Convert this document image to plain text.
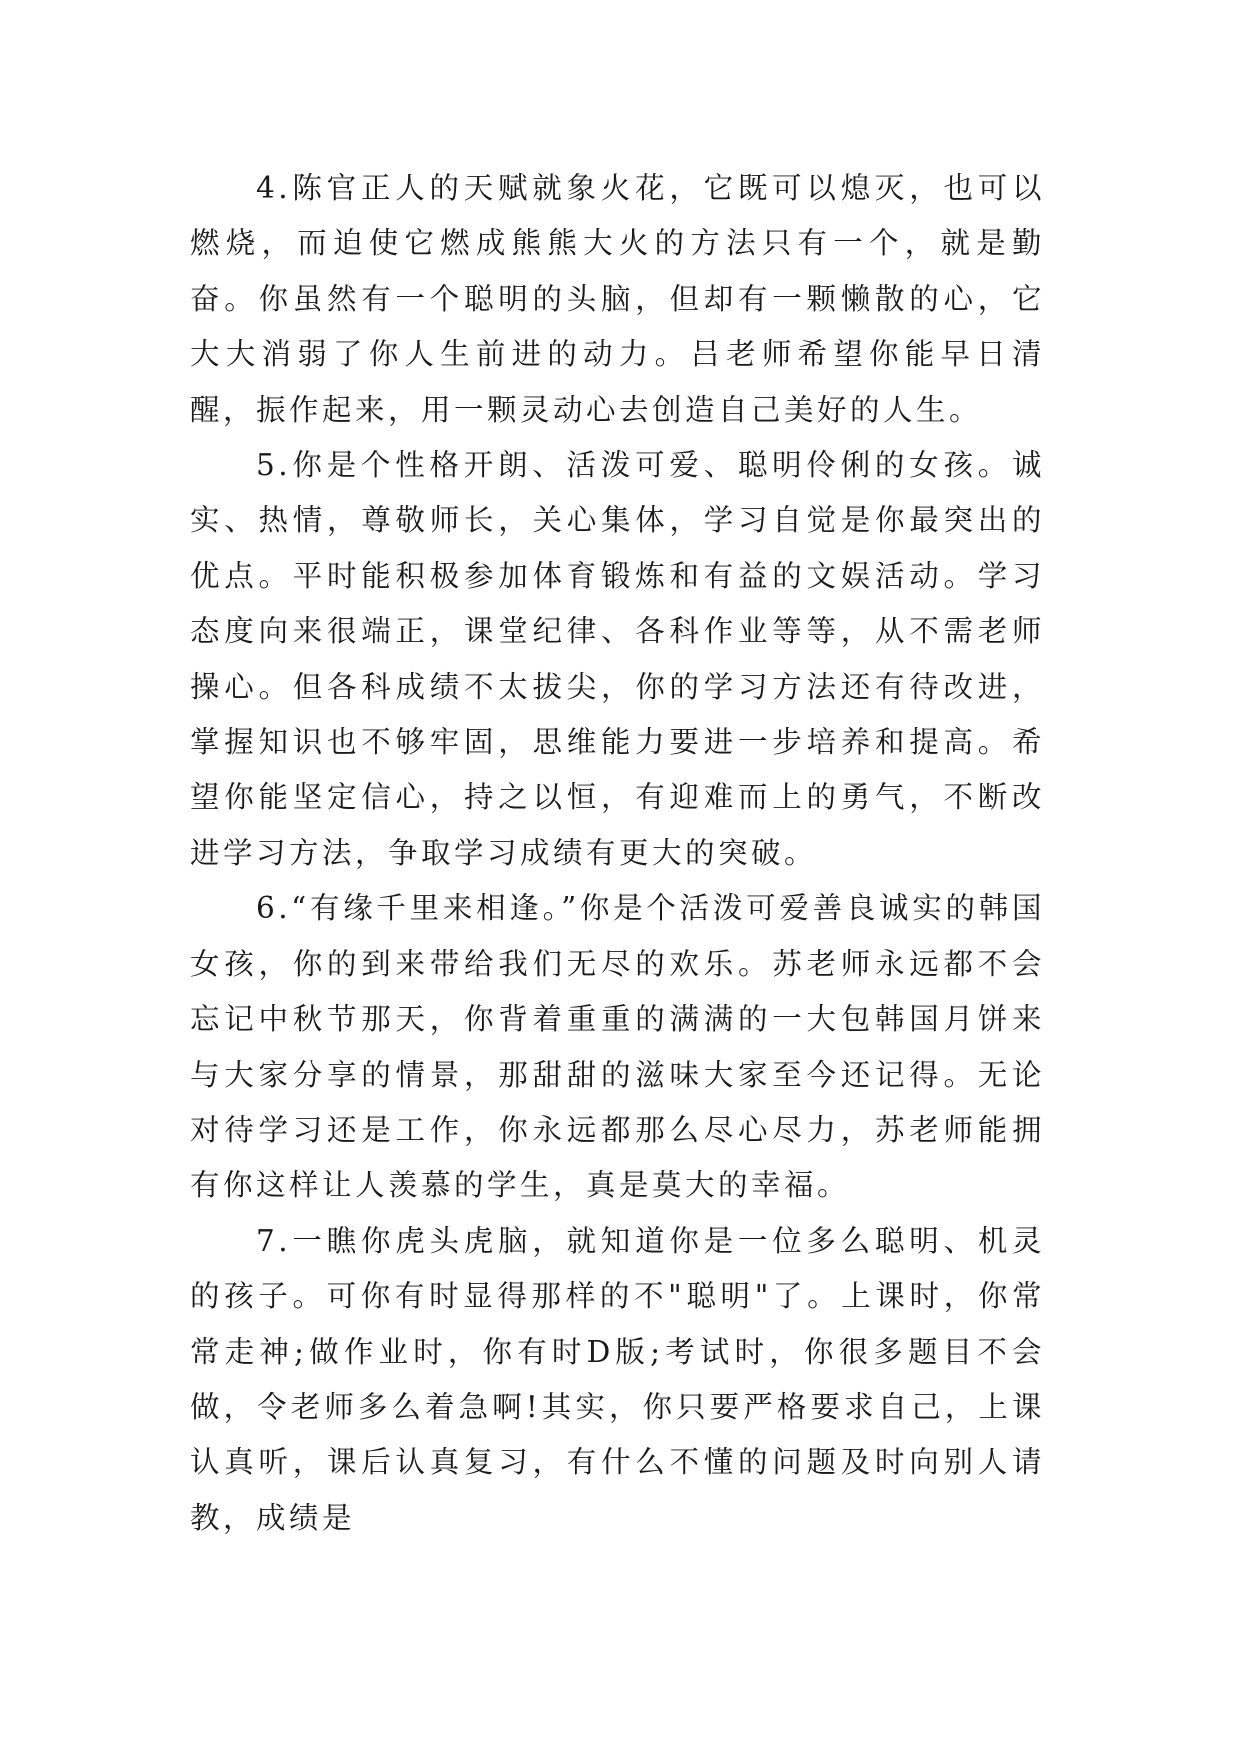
4.陈官正人的天赋就象火花，它既可以熄灭，也可以燃烧，而迫使它燃成熊熊大火的方法只有一个，就是勤奋。你虽然有一个聪明的头脑，但却有一颗懒散的心，它大大消弱了你人生前进的动力。吕老师希望你能早日清醒，振作起来，用一颗灵动心去创造自己美好的人生。

5.你是个性格开朗、活泼可爱、聪明伶俐的女孩。诚实、热情，尊敬师长，关心集体，学习自觉是你最突出的优点。平时能积极参加体育锻炼和有益的文娱活动。学习态度向来很端正，课堂纪律、各科作业等等，从不需老师操心。但各科成绩不太拔尖，你的学习方法还有待改进，掌握知识也不够牢固，思维能力要进一步培养和提高。希望你能坚定信心，持之以恒，有迎难而上的勇气，不断改进学习方法，争取学习成绩有更大的突破。

6.“有缘千里来相逢。”你是个活泼可爱善良诚实的韩国女孩，你的到来带给我们无尽的欢乐。苏老师永远都不会忘记中秋节那天，你背着重重的满满的一大包韩国月饼来与大家分享的情景，那甜甜的滋味大家至今还记得。无论对待学习还是工作，你永远都那么尽心尽力，苏老师能拥有你这样让人羡慕的学生，真是莫大的幸福。

7.一瞧你虎头虎脑，就知道你是一位多么聪明、机灵的孩子。可你有时显得那样的不"聪明"了。上课时，你常常走神;做作业时，你有时D版;考试时，你很多题目不会做，令老师多么着急啊!其实，你只要严格要求自己，上课认真听，课后认真复习，有什么不懂的问题及时向别人请教，成绩是
